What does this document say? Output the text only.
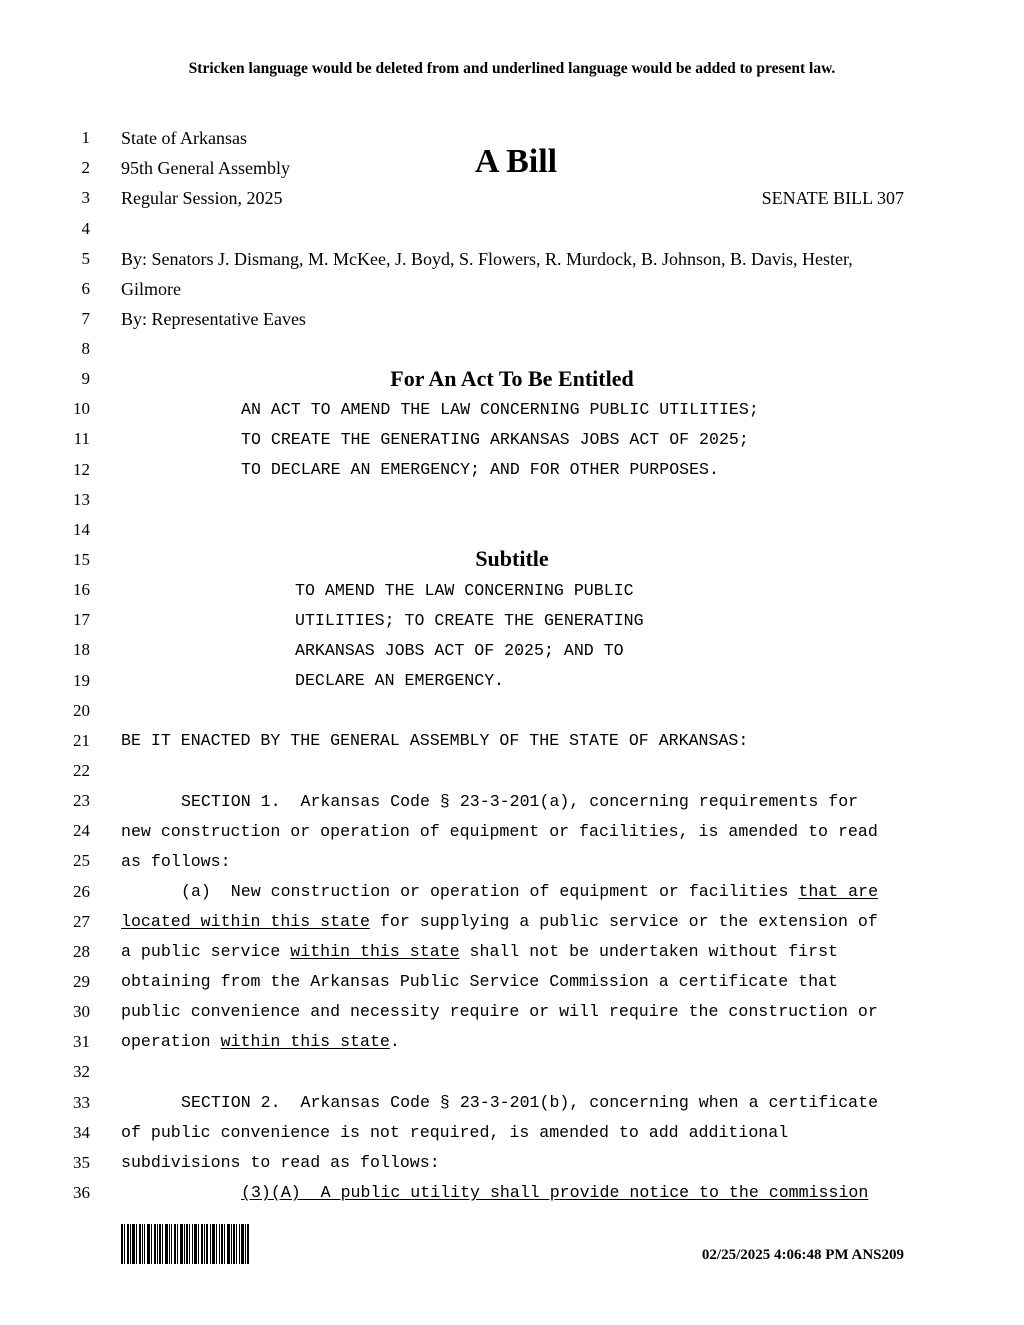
Stricken language would be deleted from and underlined language would be added to present law.
1
2
3
4
5
6
7
8
9
10
11
12
13
14
15
16
17
18
19
20
21
22
23
24
25
26
27
28
29
30
31
32
33
34
35
36
State of Arkansas
95th General Assembly
Regular Session, 2025
A Bill
SENATE BILL 307
By: Senators J. Dismang, M. McKee, J. Boyd, S. Flowers, R. Murdock, B. Johnson, B. Davis, Hester,
Gilmore
By: Representative Eaves
For An Act To Be Entitled
AN ACT TO AMEND THE LAW CONCERNING PUBLIC UTILITIES;
TO CREATE THE GENERATING ARKANSAS JOBS ACT OF 2025;
TO DECLARE AN EMERGENCY; AND FOR OTHER PURPOSES.
Subtitle
TO AMEND THE LAW CONCERNING PUBLIC
UTILITIES; TO CREATE THE GENERATING
ARKANSAS JOBS ACT OF 2025; AND TO
DECLARE AN EMERGENCY.
BE IT ENACTED BY THE GENERAL ASSEMBLY OF THE STATE OF ARKANSAS:
SECTION 1.  Arkansas Code § 23-3-201(a), concerning requirements for
new construction or operation of equipment or facilities, is amended to read
as follows:
(a)  New construction or operation of equipment or facilities that are
located within this state for supplying a public service or the extension of
a public service within this state shall not be undertaken without first
obtaining from the Arkansas Public Service Commission a certificate that
public convenience and necessity require or will require the construction or
operation within this state.
SECTION 2.  Arkansas Code § 23-3-201(b), concerning when a certificate
of public convenience is not required, is amended to add additional
subdivisions to read as follows:
(3)(A)  A public utility shall provide notice to the commission
02/25/2025 4:06:48 PM ANS209
